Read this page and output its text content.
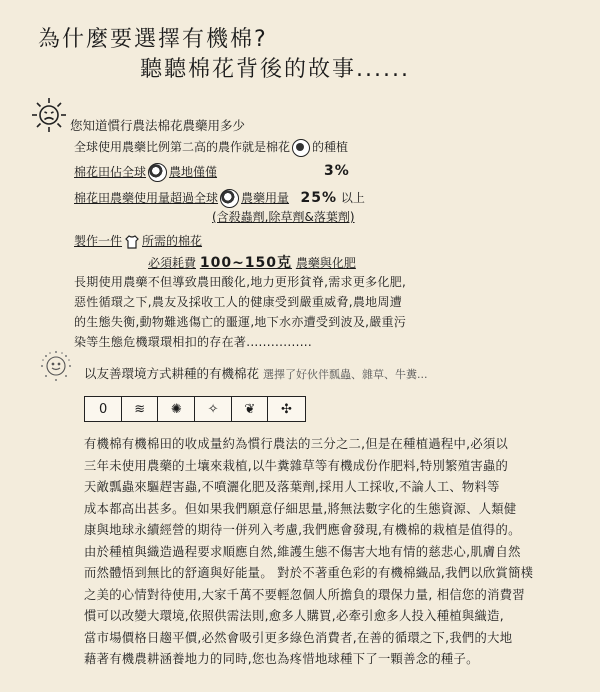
為什麼要選擇有機棉?
聽聽棉花背後的故事......
您知道慣行農法棉花農藥用多少
全球使用農藥比例第二高的農作就是棉花 的種植
棉花田佔全球 農地僅僅	3%
棉花田農藥使用量超過全球 農藥用量 25% 以上
(含殺蟲劑,除草劑&落葉劑)
製作一件 所需的棉花
必須耗費 100~150克 農藥與化肥
長期使用農藥不但導致農田酸化,地力更形貧脊,需求更多化肥,惡性循環之下,農友及採收工人的健康受到嚴重威脅,農地周遭的生態失衡,動物難逃傷亡的噩運,地下水亦遭受到波及,嚴重污染等生態危機環環相扣的存在著................
以友善環境方式耕種的有機棉花 選擇了好伙伴瓢蟲、雜草、牛糞...
0	≋	✺	✧	❦	✣
有機棉有機棉田的收成量約為慣行農法的三分之二,但是在種植過程中,必須以
三年未使用農藥的土壤來栽植,以牛糞雜草等有機成份作肥料,特別繁殖害蟲的
天敵瓢蟲來驅趕害蟲,不噴灑化肥及落葉劑,採用人工採收,不論人工、物料等
成本都高出甚多。但如果我們願意仔細思量,將無法數字化的生態資源、人類健
康與地球永續經營的期待一併列入考慮,我們應會發現,有機棉的栽植是值得的。
由於種植與織造過程要求順應自然,維護生態不傷害大地有情的慈悲心,肌膚自然
而然體悟到無比的舒適與好能量。 對於不著重色彩的有機棉織品,我們以欣賞簡樸
之美的心情對待使用,大家千萬不要輕忽個人所擔負的環保力量, 相信您的消費習
慣可以改變大環境,依照供需法則,愈多人購買,必牽引愈多人投入種植與織造,
當市場價格日趨平價,必然會吸引更多綠色消費者,在善的循環之下,我們的大地
藉著有機農耕涵養地力的同時,您也為疼惜地球種下了一顆善念的種子。
